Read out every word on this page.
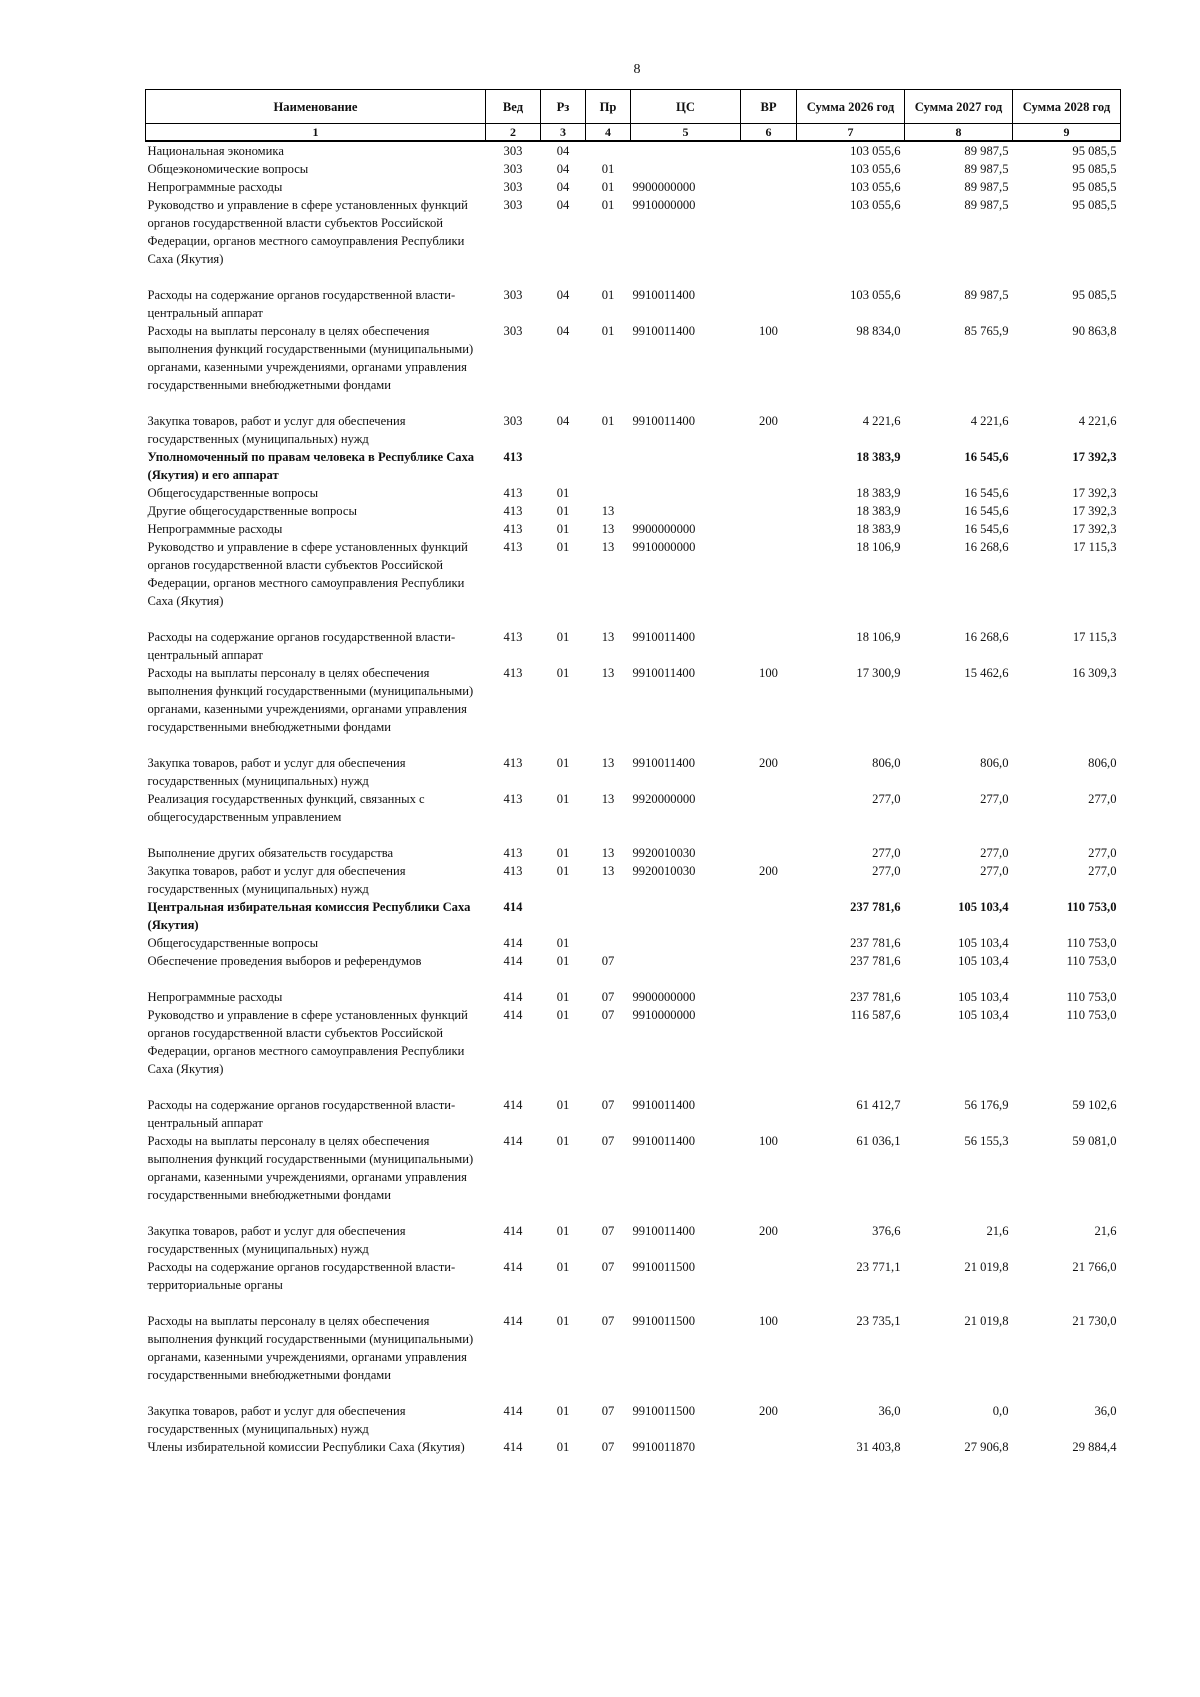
8
Наименование	Вед	Рз	Пр	ЦС	ВР	Сумма 2026 год	Сумма 2027 год	Сумма 2028 год
1	2	3	4	5	6	7	8	9
Национальная экономика	303	04				103 055,6	89 987,5	95 085,5
Общеэкономические вопросы	303	04	01			103 055,6	89 987,5	95 085,5
Непрограммные расходы	303	04	01	9900000000		103 055,6	89 987,5	95 085,5
Руководство и управление в сфере установленных функций органов государственной власти субъектов Российской Федерации, органов местного самоуправления Республики Саха (Якутия)	303	04	01	9910000000		103 055,6	89 987,5	95 085,5
Расходы на содержание органов государственной власти- центральный аппарат	303	04	01	9910011400		103 055,6	89 987,5	95 085,5
Расходы на выплаты персоналу в целях обеспечения выполнения функций государственными (муниципальными) органами, казенными учреждениями, органами управления государственными внебюджетными фондами	303	04	01	9910011400	100	98 834,0	85 765,9	90 863,8
Закупка товаров, работ и услуг для обеспечения государственных (муниципальных) нужд	303	04	01	9910011400	200	4 221,6	4 221,6	4 221,6
Уполномоченный по правам человека в Республике Саха (Якутия) и его аппарат	413					18 383,9	16 545,6	17 392,3
Общегосударственные вопросы	413	01				18 383,9	16 545,6	17 392,3
Другие общегосударственные вопросы	413	01	13			18 383,9	16 545,6	17 392,3
Непрограммные расходы	413	01	13	9900000000		18 383,9	16 545,6	17 392,3
Руководство и управление в сфере установленных функций органов государственной власти субъектов Российской Федерации, органов местного самоуправления Республики Саха (Якутия)	413	01	13	9910000000		18 106,9	16 268,6	17 115,3
Расходы на содержание органов государственной власти- центральный аппарат	413	01	13	9910011400		18 106,9	16 268,6	17 115,3
Расходы на выплаты персоналу в целях обеспечения выполнения функций государственными (муниципальными) органами, казенными учреждениями, органами управления государственными внебюджетными фондами	413	01	13	9910011400	100	17 300,9	15 462,6	16 309,3
Закупка товаров, работ и услуг для обеспечения государственных (муниципальных) нужд	413	01	13	9910011400	200	806,0	806,0	806,0
Реализация государственных функций, связанных с общегосударственным управлением	413	01	13	9920000000		277,0	277,0	277,0
Выполнение других обязательств государства	413	01	13	9920010030		277,0	277,0	277,0
Закупка товаров, работ и услуг для обеспечения государственных (муниципальных) нужд	413	01	13	9920010030	200	277,0	277,0	277,0
Центральная избирательная комиссия Республики Саха (Якутия)	414					237 781,6	105 103,4	110 753,0
Общегосударственные вопросы	414	01				237 781,6	105 103,4	110 753,0
Обеспечение проведения выборов и референдумов	414	01	07			237 781,6	105 103,4	110 753,0
Непрограммные расходы	414	01	07	9900000000		237 781,6	105 103,4	110 753,0
Руководство и управление в сфере установленных функций органов государственной власти субъектов Российской Федерации, органов местного самоуправления Республики Саха (Якутия)	414	01	07	9910000000		116 587,6	105 103,4	110 753,0
Расходы на содержание органов государственной власти- центральный аппарат	414	01	07	9910011400		61 412,7	56 176,9	59 102,6
Расходы на выплаты персоналу в целях обеспечения выполнения функций государственными (муниципальными) органами, казенными учреждениями, органами управления государственными внебюджетными фондами	414	01	07	9910011400	100	61 036,1	56 155,3	59 081,0
Закупка товаров, работ и услуг для обеспечения государственных (муниципальных) нужд	414	01	07	9910011400	200	376,6	21,6	21,6
Расходы на содержание органов государственной власти- территориальные органы	414	01	07	9910011500		23 771,1	21 019,8	21 766,0
Расходы на выплаты персоналу в целях обеспечения выполнения функций государственными (муниципальными) органами, казенными учреждениями, органами управления государственными внебюджетными фондами	414	01	07	9910011500	100	23 735,1	21 019,8	21 730,0
Закупка товаров, работ и услуг для обеспечения государственных (муниципальных) нужд	414	01	07	9910011500	200	36,0	0,0	36,0
Члены избирательной комиссии Республики Саха (Якутия)	414	01	07	9910011870		31 403,8	27 906,8	29 884,4
